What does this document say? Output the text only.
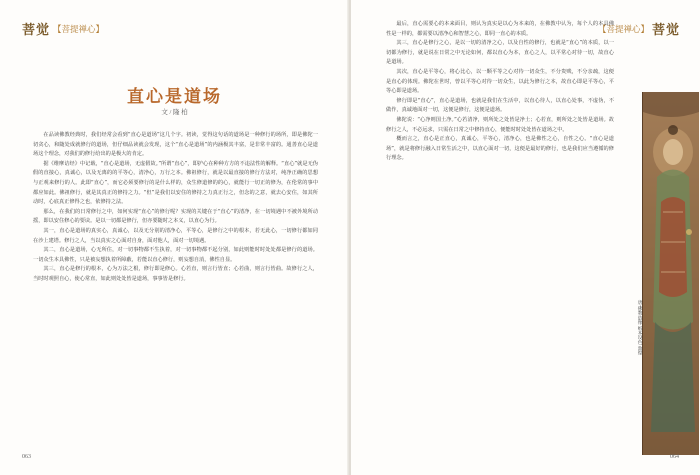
菩觉 【菩提禅心】
直心是道场
文 / 隆 柏

在品读佛教经典时，我们经常会看到“直心是道场”这几个字。初读，觉得这句话的道场是一种修行的场所，即是佛陀一切贪心，和随处成就修行的道场，但仔细品读就会发现，这个“直心是道场”的内涵极其丰富，是非常丰富的。通善直心是道场这个理念，对我们的修行给出的是极大的肯定。

据《维摩诘经》中记载，“直心是道场，无虚假故。”所谓“直心”，即护心在种种方方的不违法性的解释。“直心”就是无伪假的直接心，真诚心，以及无离的的平等心，清净心，万行之本。佛祖修行，就是以最直接的修行方法对，纯净正确的思想与正观来修行的人。此即“直心”，而它必须要修行的是什么样的，众生修道修的的心，就能行一切正的修为，在伦常的事中都应如此。佛祖修行，就是其真正的修持之力。“但”是我们以安住的修持之力真正行之，但念的之意，就去心安住，如其所动时，心底真正修得之也，依修持之法。

那么，在我们的日常修行之中，如何实现“直心”的修行呢？实现的关键在于“直心”的清净，在一切境遇中不被外境所动摇，即以安住修心的要诀。是以一切都是修行，但亦要随时之本义，以直心为行。

其一，直心是道场的真实心，真诚心，以及无分别的清净心，平等心，是修行之中的根本，若无此心，一切修行都如同在沙上建塔。修行之人，当以真实之心面对自身，面对他人，面对一切境遇。

其二，直心是道场，心无所住，对一切事物都不生执着，对一切事物都不起分别，如此则能时时处处都是修行的道场。一切众生本具佛性，只是被妄想执着所障蔽，若能以直心修行，则妄想自消，佛性自显。

其三，直心是修行的根本，心为万法之根，修行即是修心。心若直，则言行皆直；心若曲，则言行皆曲。故修行之人，当时时观照自心，使心常直，如此则处处皆是道场，事事皆是修行。

063
【菩提禅心】 菩觉

最后，直心需要心的本来面目，则认为真实是以心为本来的，在佛教中认为，每个人的本具佛性是一样的，都需要以清净心和智慧之心，即同一直心的本质。

其三，直心是修行之心，是以一切的清净之心，以及自性的修行，也就是“直心”的本质，以一切都为修行，就是说在日常之中无论如何，都以直心为本，直心之人，以平常心对待一切，故直心是道场。

其次，直心是平等心，将心比心，以一颗平等之心对待一切众生，不分贵贱，不分亲疏，这便是直心的体现。佛陀在世时，曾以平等心对待一切众生，以此为修行之本，故直心即是平等心，平等心即是道场。

修行即是“直心”，直心是道场，也就是我们在生活中，以直心待人，以直心处事，不虚伪，不做作，真诚地面对一切，这便是修行，这便是道场。

佛陀说：“心净则国土净。”心若清净，则所处之处皆是净土；心若直，则所处之处皆是道场。故修行之人，不必远求，只需在日常之中修持直心，便能时时处处皆在道场之中。

概而言之，直心是正直心，真诚心，平等心，清净心，也是佛性之心，自性之心。“直心是道场”，就是将修行融入日常生活之中，以直心面对一切，这便是最好的修行，也是我们应当遵循的修行理念。

唐·佛教造像 纸本设色 敦煌
064
